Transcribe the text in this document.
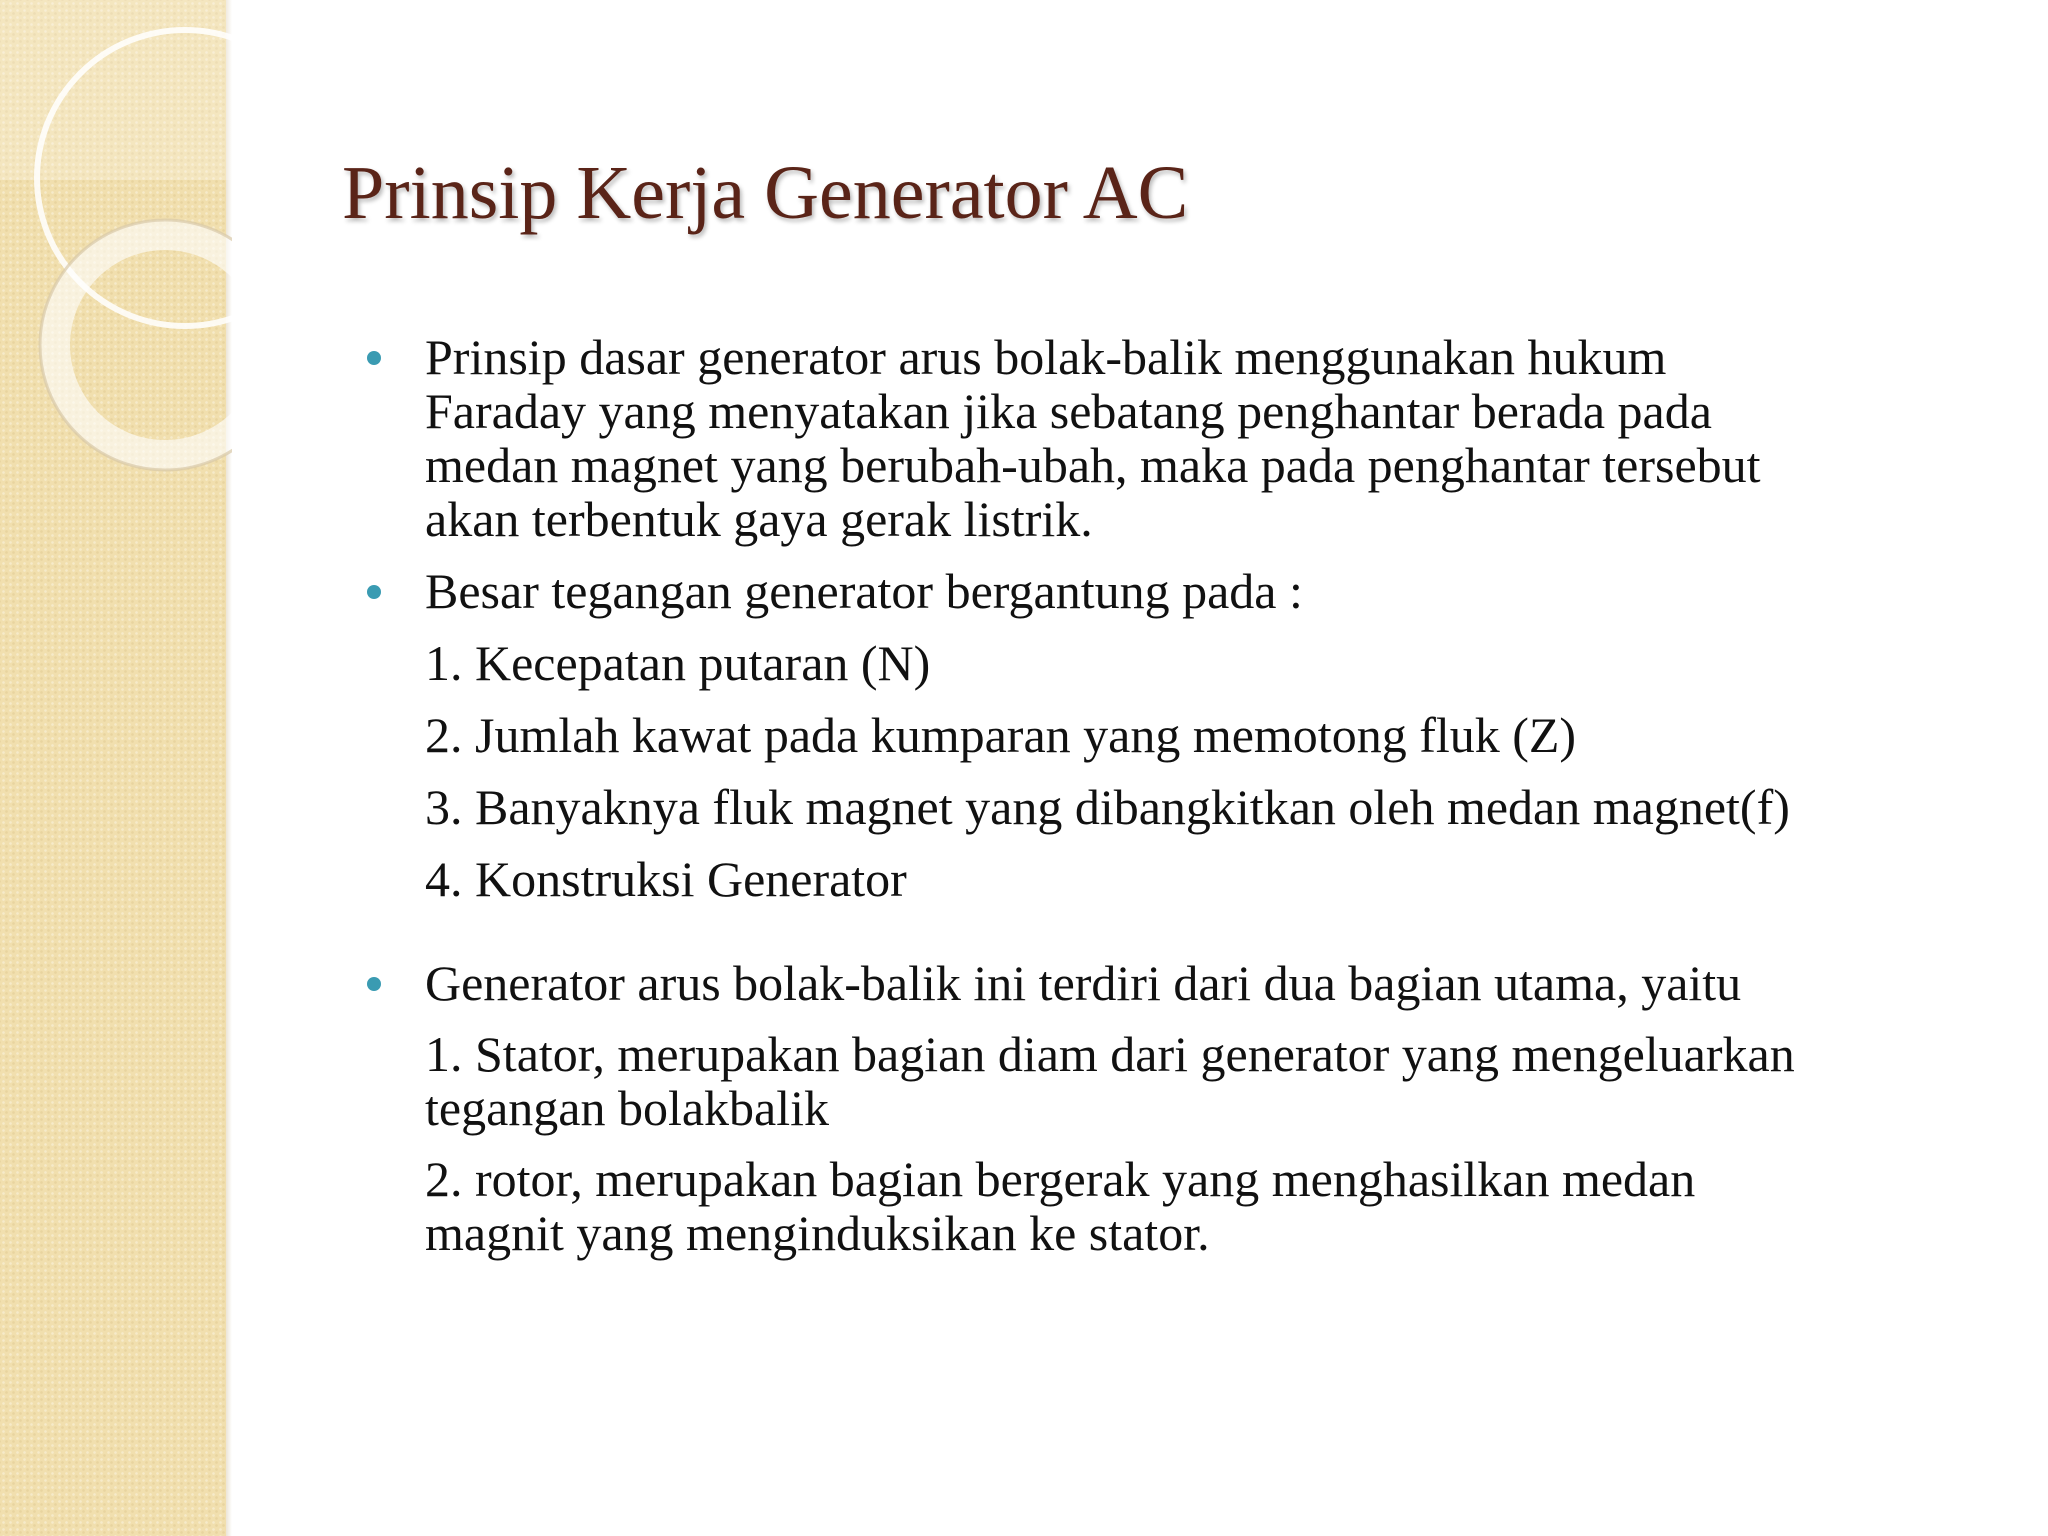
Prinsip Kerja Generator AC
Prinsip dasar generator arus bolak-balik menggunakan hukum
Faraday yang menyatakan jika sebatang penghantar berada pada
medan magnet yang berubah-ubah, maka pada penghantar tersebut
akan terbentuk gaya gerak listrik.
Besar tegangan generator bergantung pada :
1. Kecepatan putaran (N)
2. Jumlah kawat pada kumparan yang memotong fluk (Z)
3. Banyaknya fluk magnet yang dibangkitkan oleh medan magnet(f)
4. Konstruksi Generator
Generator arus bolak-balik ini terdiri dari dua bagian utama, yaitu
1. Stator, merupakan bagian diam dari generator yang mengeluarkan
tegangan bolakbalik
2. rotor, merupakan bagian bergerak yang menghasilkan medan
magnit yang menginduksikan ke stator.
